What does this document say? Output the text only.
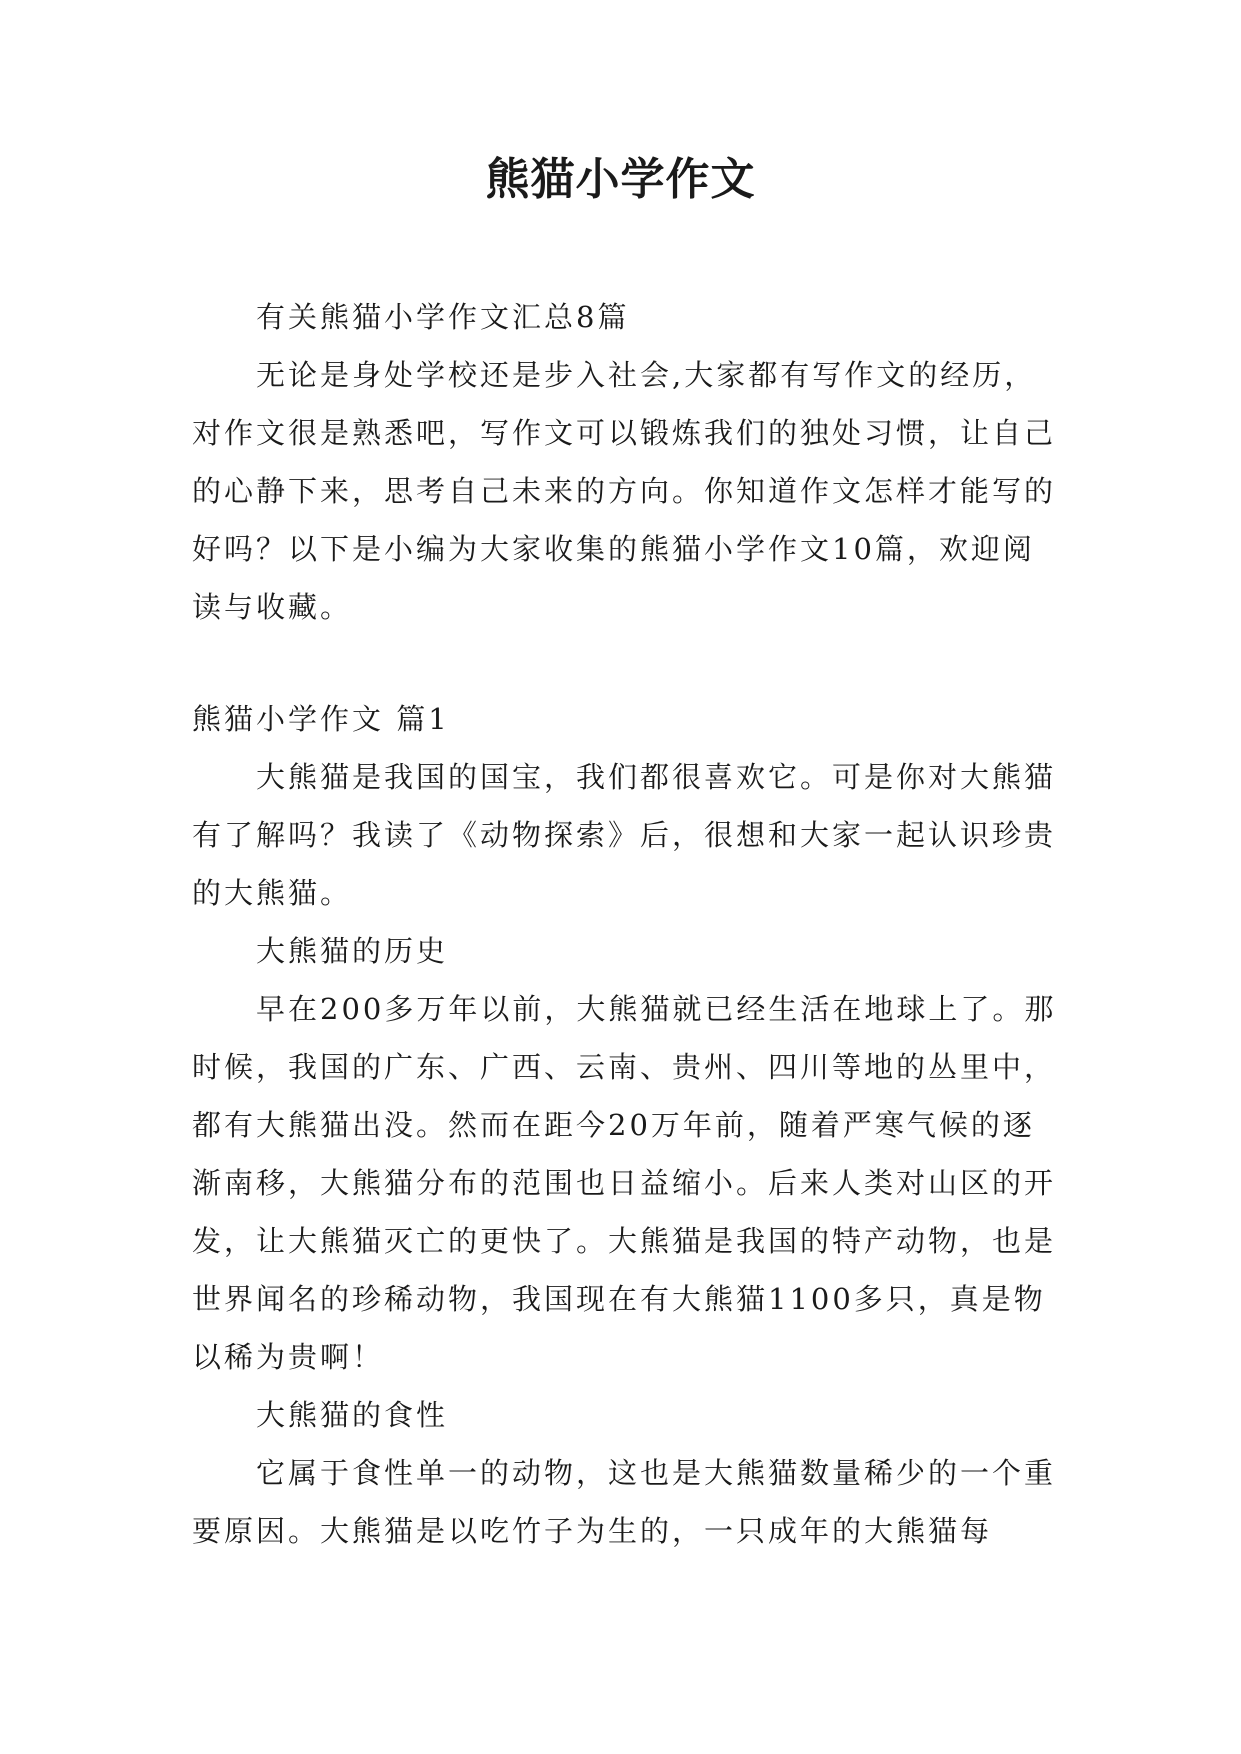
熊猫小学作文

有关熊猫小学作文汇总8篇

无论是身处学校还是步入社会,大家都有写作文的经历，对作文很是熟悉吧，写作文可以锻炼我们的独处习惯，让自己的心静下来，思考自己未来的方向。你知道作文怎样才能写的好吗？以下是小编为大家收集的熊猫小学作文10篇，欢迎阅读与收藏。

熊猫小学作文 篇1

大熊猫是我国的国宝，我们都很喜欢它。可是你对大熊猫有了解吗？我读了《动物探索》后，很想和大家一起认识珍贵的大熊猫。

大熊猫的历史

早在200多万年以前，大熊猫就已经生活在地球上了。那时候，我国的广东、广西、云南、贵州、四川等地的丛里中，都有大熊猫出没。然而在距今20万年前，随着严寒气候的逐渐南移，大熊猫分布的范围也日益缩小。后来人类对山区的开发，让大熊猫灭亡的更快了。大熊猫是我国的特产动物，也是世界闻名的珍稀动物，我国现在有大熊猫1100多只，真是物以稀为贵啊！

大熊猫的食性

它属于食性单一的动物，这也是大熊猫数量稀少的一个重要原因。大熊猫是以吃竹子为生的，一只成年的大熊猫每
